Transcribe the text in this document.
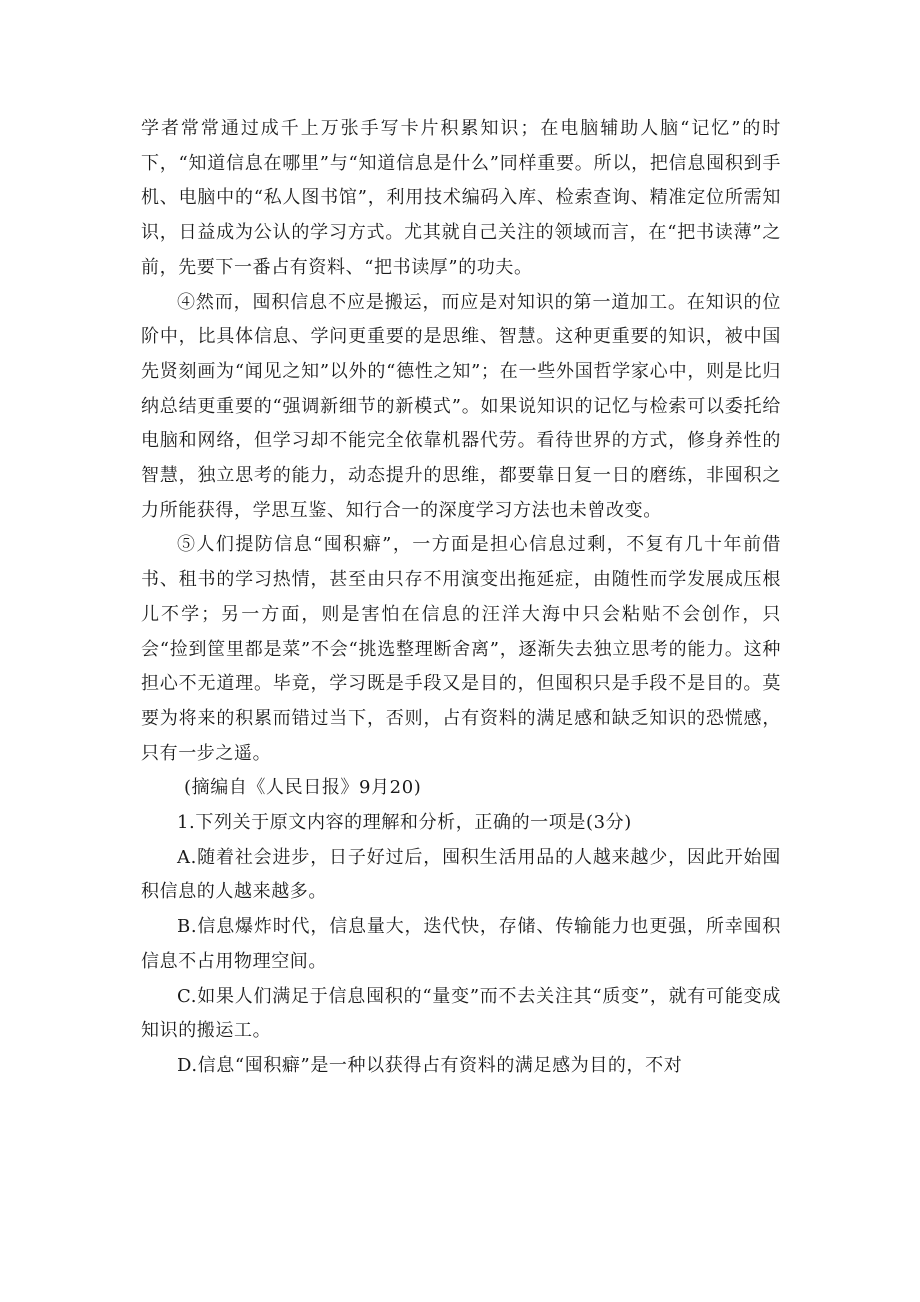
学者常常通过成千上万张手写卡片积累知识；在电脑辅助人脑“记忆”的时下，“知道信息在哪里”与“知道信息是什么”同样重要。所以，把信息囤积到手机、电脑中的“私人图书馆”，利用技术编码入库、检索查询、精准定位所需知识，日益成为公认的学习方式。尤其就自己关注的领域而言，在“把书读薄”之前，先要下一番占有资料、“把书读厚”的功夫。

④然而，囤积信息不应是搬运，而应是对知识的第一道加工。在知识的位阶中，比具体信息、学问更重要的是思维、智慧。这种更重要的知识，被中国先贤刻画为“闻见之知”以外的“德性之知”；在一些外国哲学家心中，则是比归纳总结更重要的“强调新细节的新模式”。如果说知识的记忆与检索可以委托给电脑和网络，但学习却不能完全依靠机器代劳。看待世界的方式，修身养性的智慧，独立思考的能力，动态提升的思维，都要靠日复一日的磨练，非囤积之力所能获得，学思互鉴、知行合一的深度学习方法也未曾改变。

⑤人们提防信息“囤积癖”，一方面是担心信息过剩，不复有几十年前借书、租书的学习热情，甚至由只存不用演变出拖延症，由随性而学发展成压根儿不学；另一方面，则是害怕在信息的汪洋大海中只会粘贴不会创作，只会“捡到筐里都是菜”不会“挑选整理断舍离”，逐渐失去独立思考的能力。这种担心不无道理。毕竟，学习既是手段又是目的，但囤积只是手段不是目的。莫要为将来的积累而错过当下，否则，占有资料的满足感和缺乏知识的恐慌感，只有一步之遥。

(摘编自《人民日报》9月20)

1.下列关于原文内容的理解和分析，正确的一项是(3分)

A.随着社会进步，日子好过后，囤积生活用品的人越来越少，因此开始囤积信息的人越来越多。

B.信息爆炸时代，信息量大，迭代快，存储、传输能力也更强，所幸囤积信息不占用物理空间。

C.如果人们满足于信息囤积的“量变”而不去关注其“质变”，就有可能变成知识的搬运工。

D.信息“囤积癖”是一种以获得占有资料的满足感为目的，不对
